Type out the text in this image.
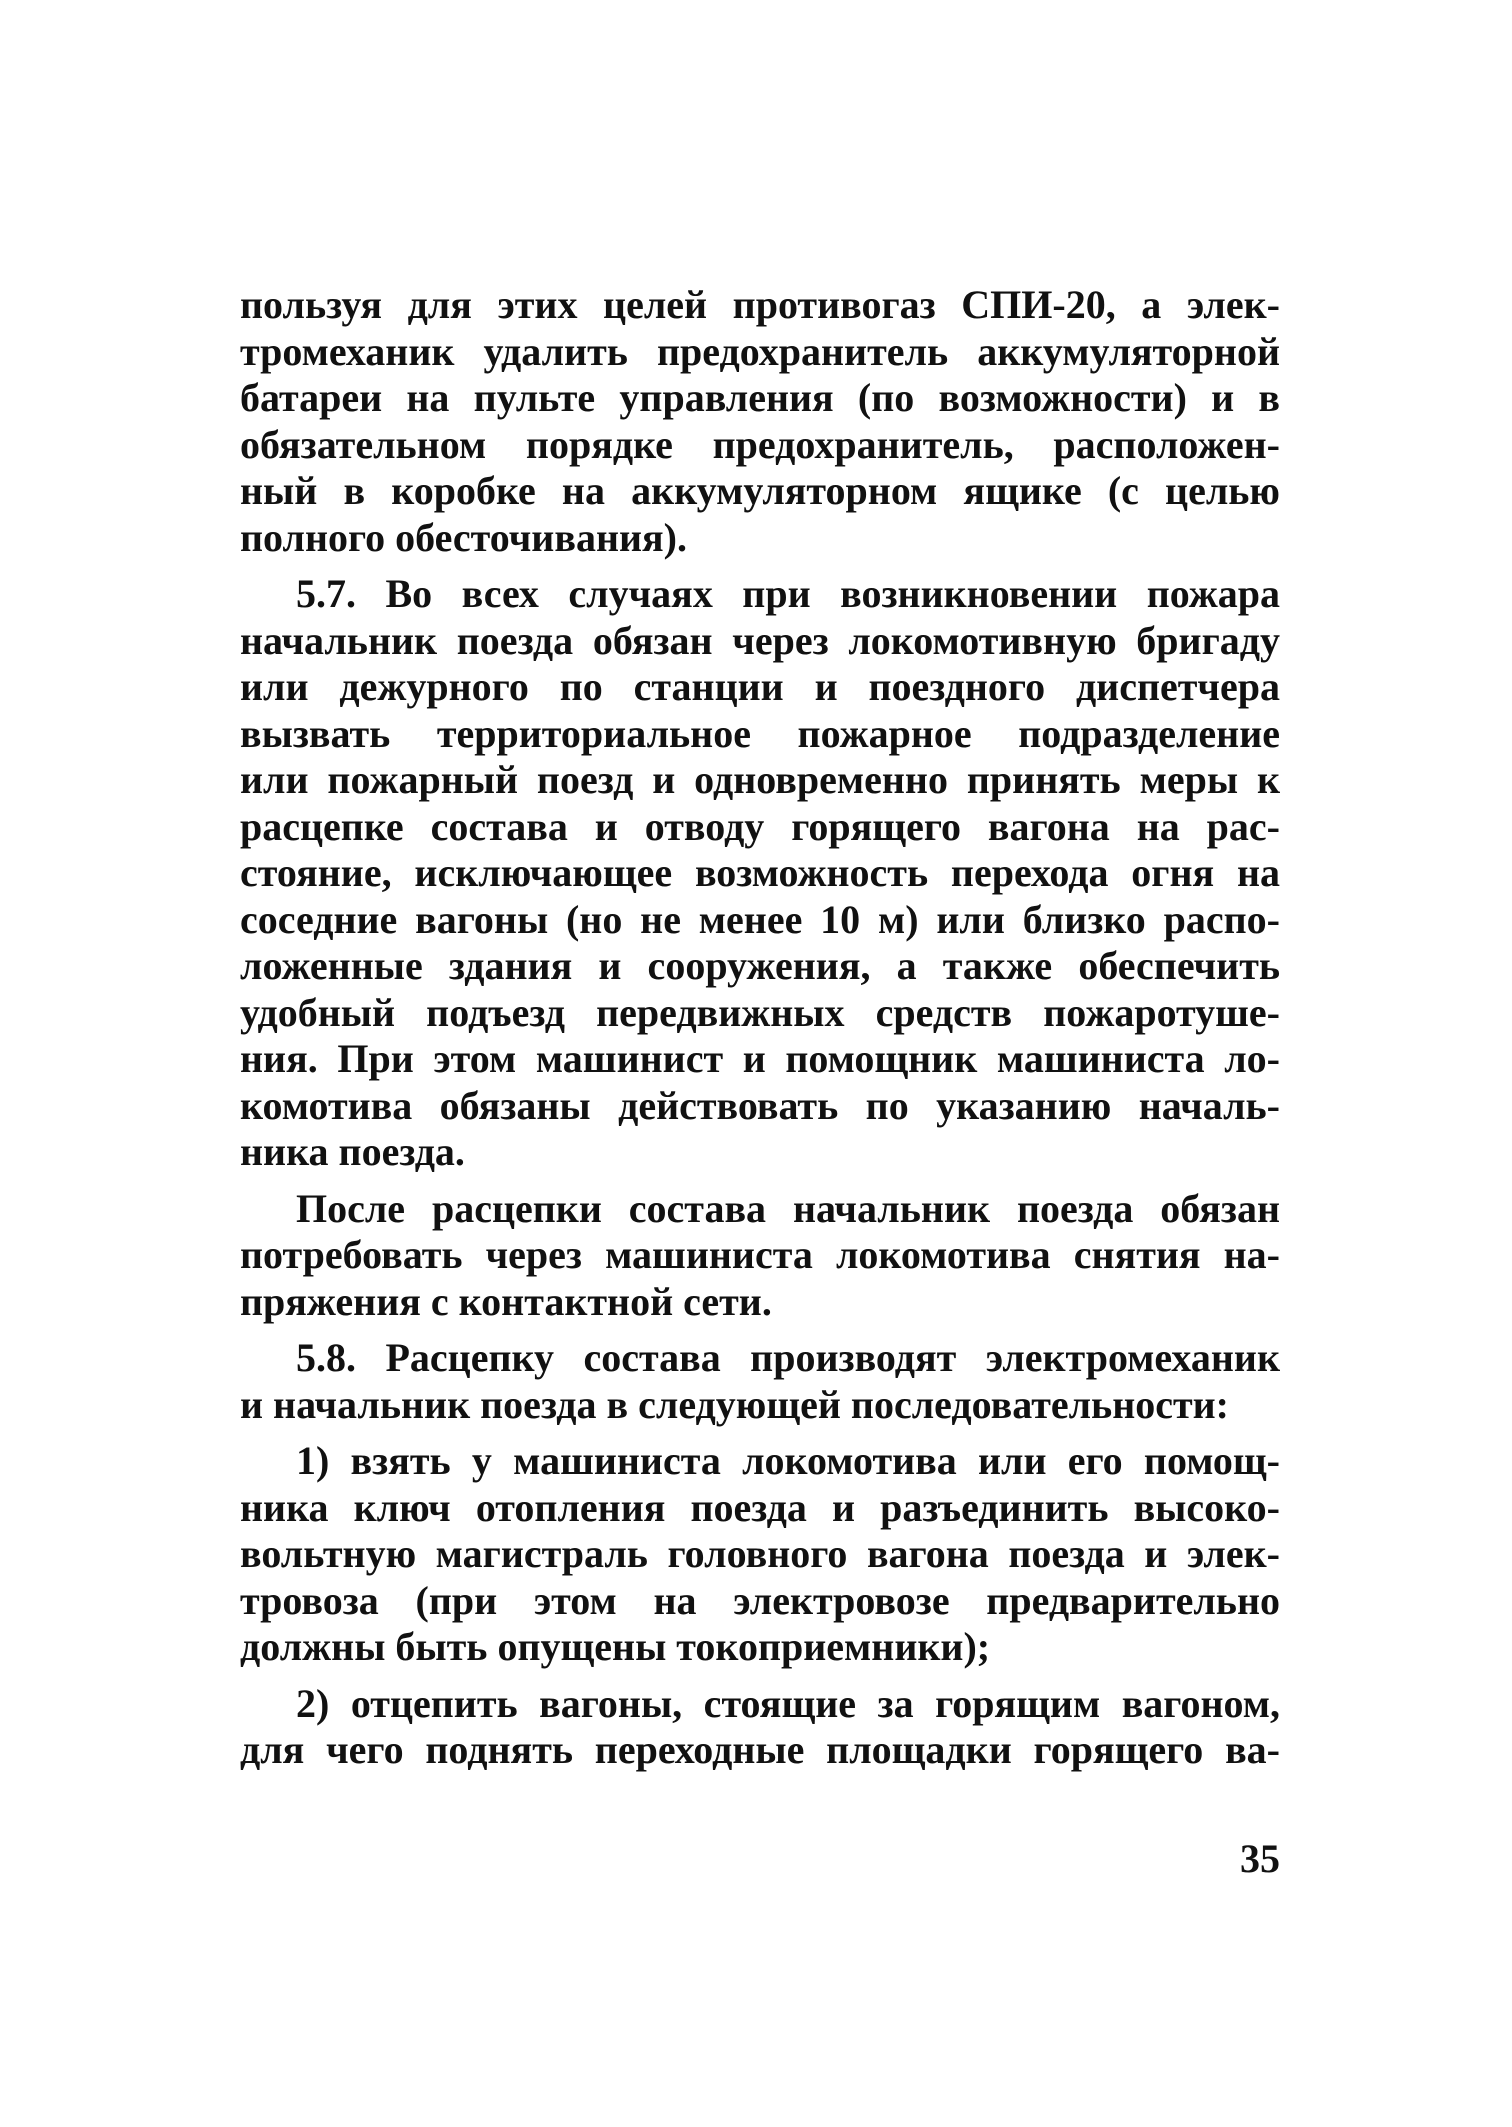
пользуя для этих целей противогаз СПИ-20, а элек-
тромеханик удалить предохранитель аккумуляторной
батареи на пульте управления (по возможности) и в
обязательном порядке предохранитель, расположен-
ный в коробке на аккумуляторном ящике (с целью
полного обесточивания).
5.7. Во всех случаях при возникновении пожара
начальник поезда обязан через локомотивную бригаду
или дежурного по станции и поездного диспетчера
вызвать территориальное пожарное подразделение
или пожарный поезд и одновременно принять меры к
расцепке состава и отводу горящего вагона на рас-
стояние, исключающее возможность перехода огня на
соседние вагоны (но не менее 10 м) или близко распо-
ложенные здания и сооружения, а также обеспечить
удобный подъезд передвижных средств пожаротуше-
ния. При этом машинист и помощник машиниста ло-
комотива обязаны действовать по указанию началь-
ника поезда.
После расцепки состава начальник поезда обязан
потребовать через машиниста локомотива снятия на-
пряжения с контактной сети.
5.8. Расцепку состава производят электромеханик
и начальник поезда в следующей последовательности:
1) взять у машиниста локомотива или его помощ-
ника ключ отопления поезда и разъединить высоко-
вольтную магистраль головного вагона поезда и элек-
тровоза (при этом на электровозе предварительно
должны быть опущены токоприемники);
2) отцепить вагоны, стоящие за горящим вагоном,
для чего поднять переходные площадки горящего ва-
35
